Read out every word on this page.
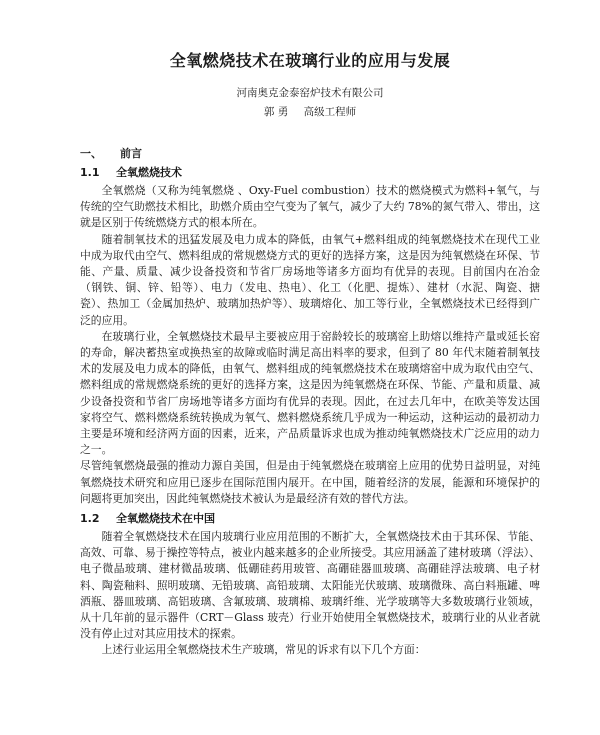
全氧燃烧技术在玻璃行业的应用与发展
河南奥克金泰窑炉技术有限公司
郭 勇 高级工程师
一、 前言
1.1 全氧燃烧技术

全氧燃烧（又称为纯氧燃烧 、Oxy-Fuel combustion）技术的燃烧模式为燃料+氧气，与传统的空气助燃技术相比，助燃介质由空气变为了氧气，减少了大约 78%的氮气带入、带出，这就是区别于传统燃烧方式的根本所在。

随着制氧技术的迅猛发展及电力成本的降低，由氧气+燃料组成的纯氧燃烧技术在现代工业中成为取代由空气、燃料组成的常规燃烧方式的更好的选择方案，这是因为纯氧燃烧在环保、节能、产量、质量、减少设备投资和节省厂房场地等诸多方面均有优异的表现。目前国内在冶金（钢铁、铜、锌、铅等）、电力（发电、热电）、化工（化肥、提炼）、建材（水泥、陶瓷、搪瓷）、热加工（金属加热炉、玻璃加热炉等）、玻璃熔化、加工等行业，全氧燃烧技术已经得到广泛的应用。

在玻璃行业，全氧燃烧技术最早主要被应用于窑龄较长的玻璃窑上助熔以维持产量或延长窑的寿命，解决蓄热室或换热室的故障或临时满足高出料率的要求，但到了 80 年代末随着制氧技术的发展及电力成本的降低，由氧气、燃料组成的纯氧燃烧技术在玻璃熔窑中成为取代由空气、燃料组成的常规燃烧系统的更好的选择方案，这是因为纯氧燃烧在环保、节能、产量和质量、减少设备投资和节省厂房场地等诸多方面均有优异的表现。因此，在过去几年中，在欧美等发达国家将空气、燃料燃烧系统转换成为氧气、燃料燃烧系统几乎成为一种运动，这种运动的最初动力主要是环境和经济两方面的因素，近来，产品质量诉求也成为推动纯氧燃烧技术广泛应用的动力之一。

尽管纯氧燃烧最强的推动力源自美国，但是由于纯氧燃烧在玻璃窑上应用的优势日益明显，对纯氧燃烧技术研究和应用已逐步在国际范围内展开。在中国，随着经济的发展，能源和环境保护的问题将更加突出，因此纯氧燃烧技术被认为是最经济有效的替代方法。

1.2 全氧燃烧技术在中国

随着全氧燃烧技术在国内玻璃行业应用范围的不断扩大，全氧燃烧技术由于其环保、节能、高效、可靠、易于操控等特点，被业内越来越多的企业所接受。其应用涵盖了建材玻璃（浮法）、电子微晶玻璃、建材微晶玻璃、低硼硅药用玻管、高硼硅器皿玻璃、高硼硅浮法玻璃、电子材料、陶瓷釉料、照明玻璃、无铅玻璃、高铅玻璃、太阳能光伏玻璃、玻璃微珠、高白料瓶罐、啤酒瓶、器皿玻璃、高铝玻璃、含氟玻璃、玻璃棉、玻璃纤维、光学玻璃等大多数玻璃行业领域，从十几年前的显示器件（CRT－Glass 玻壳）行业开始使用全氧燃烧技术，玻璃行业的从业者就没有停止过对其应用技术的探索。

上述行业运用全氧燃烧技术生产玻璃，常见的诉求有以下几个方面：
